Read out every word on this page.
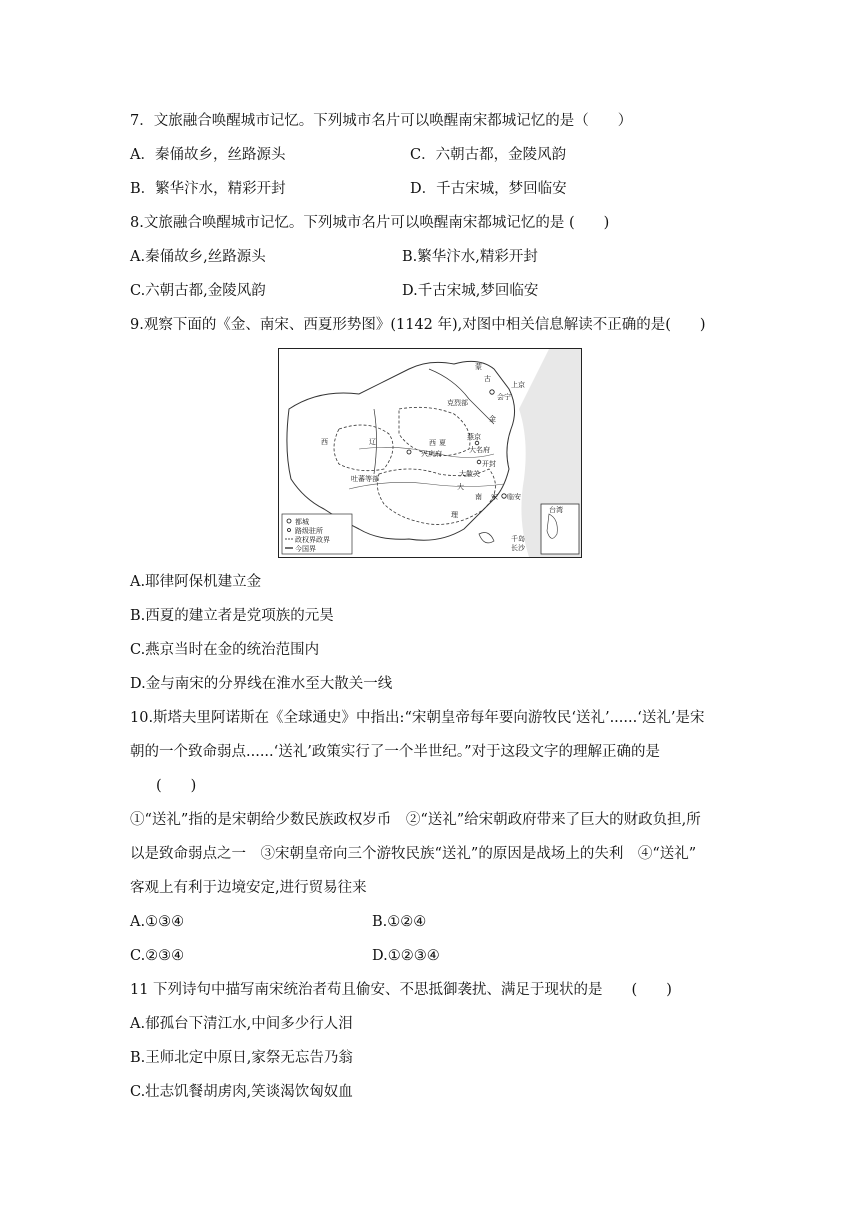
7．文旅融合唤醒城市记忆。下列城市名片可以唤醒南宋都城记忆的是（　　）
A．秦俑故乡，丝路源头	C．六朝古都，金陵风韵
B．繁华汴水，精彩开封	D．千古宋城，梦回临安
8.文旅融合唤醒城市记忆。下列城市名片可以唤醒南宋都城记忆的是 (　　)
A.秦俑故乡,丝路源头	B.繁华汴水,精彩开封
C.六朝古都,金陵风韵	D.千古宋城,梦回临安
9.观察下面的《金、南宋、西夏形势图》(1142 年),对图中相关信息解读不正确的是(　　)
蒙
古
上京
会宁
克烈部
西	辽
金
西 夏
兴庆府
燕京
大名府
开封
大散关
吐蕃等部
大
理
南 宋 临安
台湾
千岛
长沙
都城
路级驻所
政权界政界
今国界
A.耶律阿保机建立金
B.西夏的建立者是党项族的元昊
C.燕京当时在金的统治范围内
D.金与南宋的分界线在淮水至大散关一线
10.斯塔夫里阿诺斯在《全球通史》中指出:“宋朝皇帝每年要向游牧民‘送礼’......‘送礼’是宋
朝的一个致命弱点......‘送礼’政策实行了一个半世纪。”对于这段文字的理解正确的是
(　　)
①“送礼”指的是宋朝给少数民族政权岁币　②“送礼”给宋朝政府带来了巨大的财政负担,所
以是致命弱点之一　③宋朝皇帝向三个游牧民族“送礼”的原因是战场上的失利　④“送礼”
客观上有利于边境安定,进行贸易往来
A.①③④	B.①②④
C.②③④	D.①②③④
11 下列诗句中描写南宋统治者苟且偷安、不思抵御袭扰、满足于现状的是　　(　　)
A.郁孤台下清江水,中间多少行人泪
B.王师北定中原日,家祭无忘告乃翁
C.壮志饥餐胡虏肉,笑谈渴饮匈奴血
